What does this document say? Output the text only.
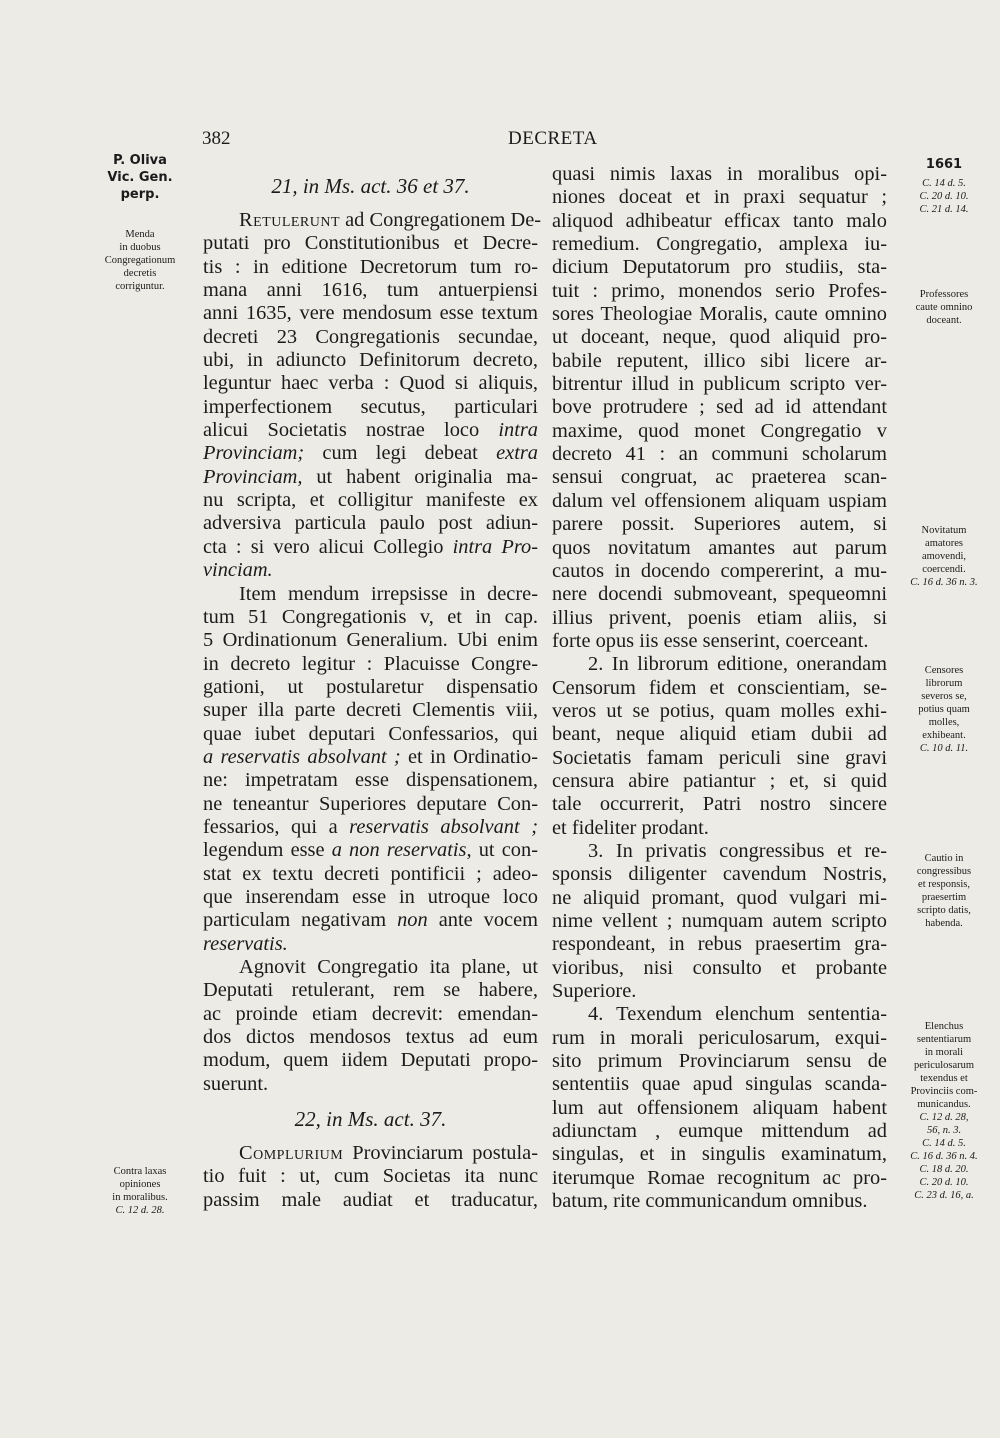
382	DECRETA
P. Oliva
Vic. Gen.
perp.
Menda
in duobus
Congregationum
decretis
corriguntur.
Contra laxas
opiniones
in moralibus.
C. 12 d. 28.
1661
C. 14 d. 5.
C. 20 d. 10.
C. 21 d. 14.
Professores
caute omnino
doceant.
Novitatum
amatores
amovendi,
coercendi.
C. 16 d. 36 n. 3.
Censores
librorum
severos se,
potius quam
molles,
exhibeant.
C. 10 d. 11.
Cautio in
congressibus
et responsis,
praesertim
scripto datis,
habenda.
Elenchus
sententiarum
in morali
periculosarum
texendus et
Provinciis com-
municandus.
C. 12 d. 28,
56, n. 3.
C. 14 d. 5.
C. 16 d. 36 n. 4.
C. 18 d. 20.
C. 20 d. 10.
C. 23 d. 16, a.
21, in Ms. act. 36 et 37.
Retulerunt ad Congregationem De-
putati pro Constitutionibus et Decre-
tis : in editione Decretorum tum ro-
mana anni 1616, tum antuerpiensi
anni 1635, vere mendosum esse textum
decreti 23 Congregationis secundae,
ubi, in adiuncto Definitorum decreto,
leguntur haec verba : Quod si aliquis,
imperfectionem secutus, particulari
alicui Societatis nostrae loco intra
Provinciam; cum legi debeat extra
Provinciam, ut habent originalia ma-
nu scripta, et colligitur manifeste ex
adversiva particula paulo post adiun-
cta : si vero alicui Collegio intra Pro-
vinciam.
Item mendum irrepsisse in decre-
tum 51 Congregationis v, et in cap.
5 Ordinationum Generalium. Ubi enim
in decreto legitur : Placuisse Congre-
gationi, ut postularetur dispensatio
super illa parte decreti Clementis viii,
quae iubet deputari Confessarios, qui
a reservatis absolvant ; et in Ordinatio-
ne: impetratam esse dispensationem,
ne teneantur Superiores deputare Con-
fessarios, qui a reservatis absolvant ;
legendum esse a non reservatis, ut con-
stat ex textu decreti pontificii ; adeo-
que inserendam esse in utroque loco
particulam negativam non ante vocem
reservatis.
Agnovit Congregatio ita plane, ut
Deputati retulerant, rem se habere,
ac proinde etiam decrevit: emendan-
dos dictos mendosos textus ad eum
modum, quem iidem Deputati propo-
suerunt.
22, in Ms. act. 37.
Complurium Provinciarum postula-
tio fuit : ut, cum Societas ita nunc
passim male audiat et traducatur,
quasi nimis laxas in moralibus opi-
niones doceat et in praxi sequatur ;
aliquod adhibeatur efficax tanto malo
remedium. Congregatio, amplexa iu-
dicium Deputatorum pro studiis, sta-
tuit : primo, monendos serio Profes-
sores Theologiae Moralis, caute omnino
ut doceant, neque, quod aliquid pro-
babile reputent, illico sibi licere ar-
bitrentur illud in publicum scripto ver-
bove protrudere ; sed ad id attendant
maxime, quod monet Congregatio v
decreto 41 : an communi scholarum
sensui congruat, ac praeterea scan-
dalum vel offensionem aliquam uspiam
parere possit. Superiores autem, si
quos novitatum amantes aut parum
cautos in docendo compererint, a mu-
nere docendi submoveant, spequeomni
illius privent, poenis etiam aliis, si
forte opus iis esse senserint, coerceant.
2. In librorum editione, onerandam
Censorum fidem et conscientiam, se-
veros ut se potius, quam molles exhi-
beant, neque aliquid etiam dubii ad
Societatis famam periculi sine gravi
censura abire patiantur ; et, si quid
tale occurrerit, Patri nostro sincere
et fideliter prodant.
3. In privatis congressibus et re-
sponsis diligenter cavendum Nostris,
ne aliquid promant, quod vulgari mi-
nime vellent ; numquam autem scripto
respondeant, in rebus praesertim gra-
vioribus, nisi consulto et probante
Superiore.
4. Texendum elenchum sententia-
rum in morali periculosarum, exqui-
sito primum Provinciarum sensu de
sententiis quae apud singulas scanda-
lum aut offensionem aliquam habent
adiunctam , eumque mittendum ad
singulas, et in singulis examinatum,
iterumque Romae recognitum ac pro-
batum, rite communicandum omnibus.
